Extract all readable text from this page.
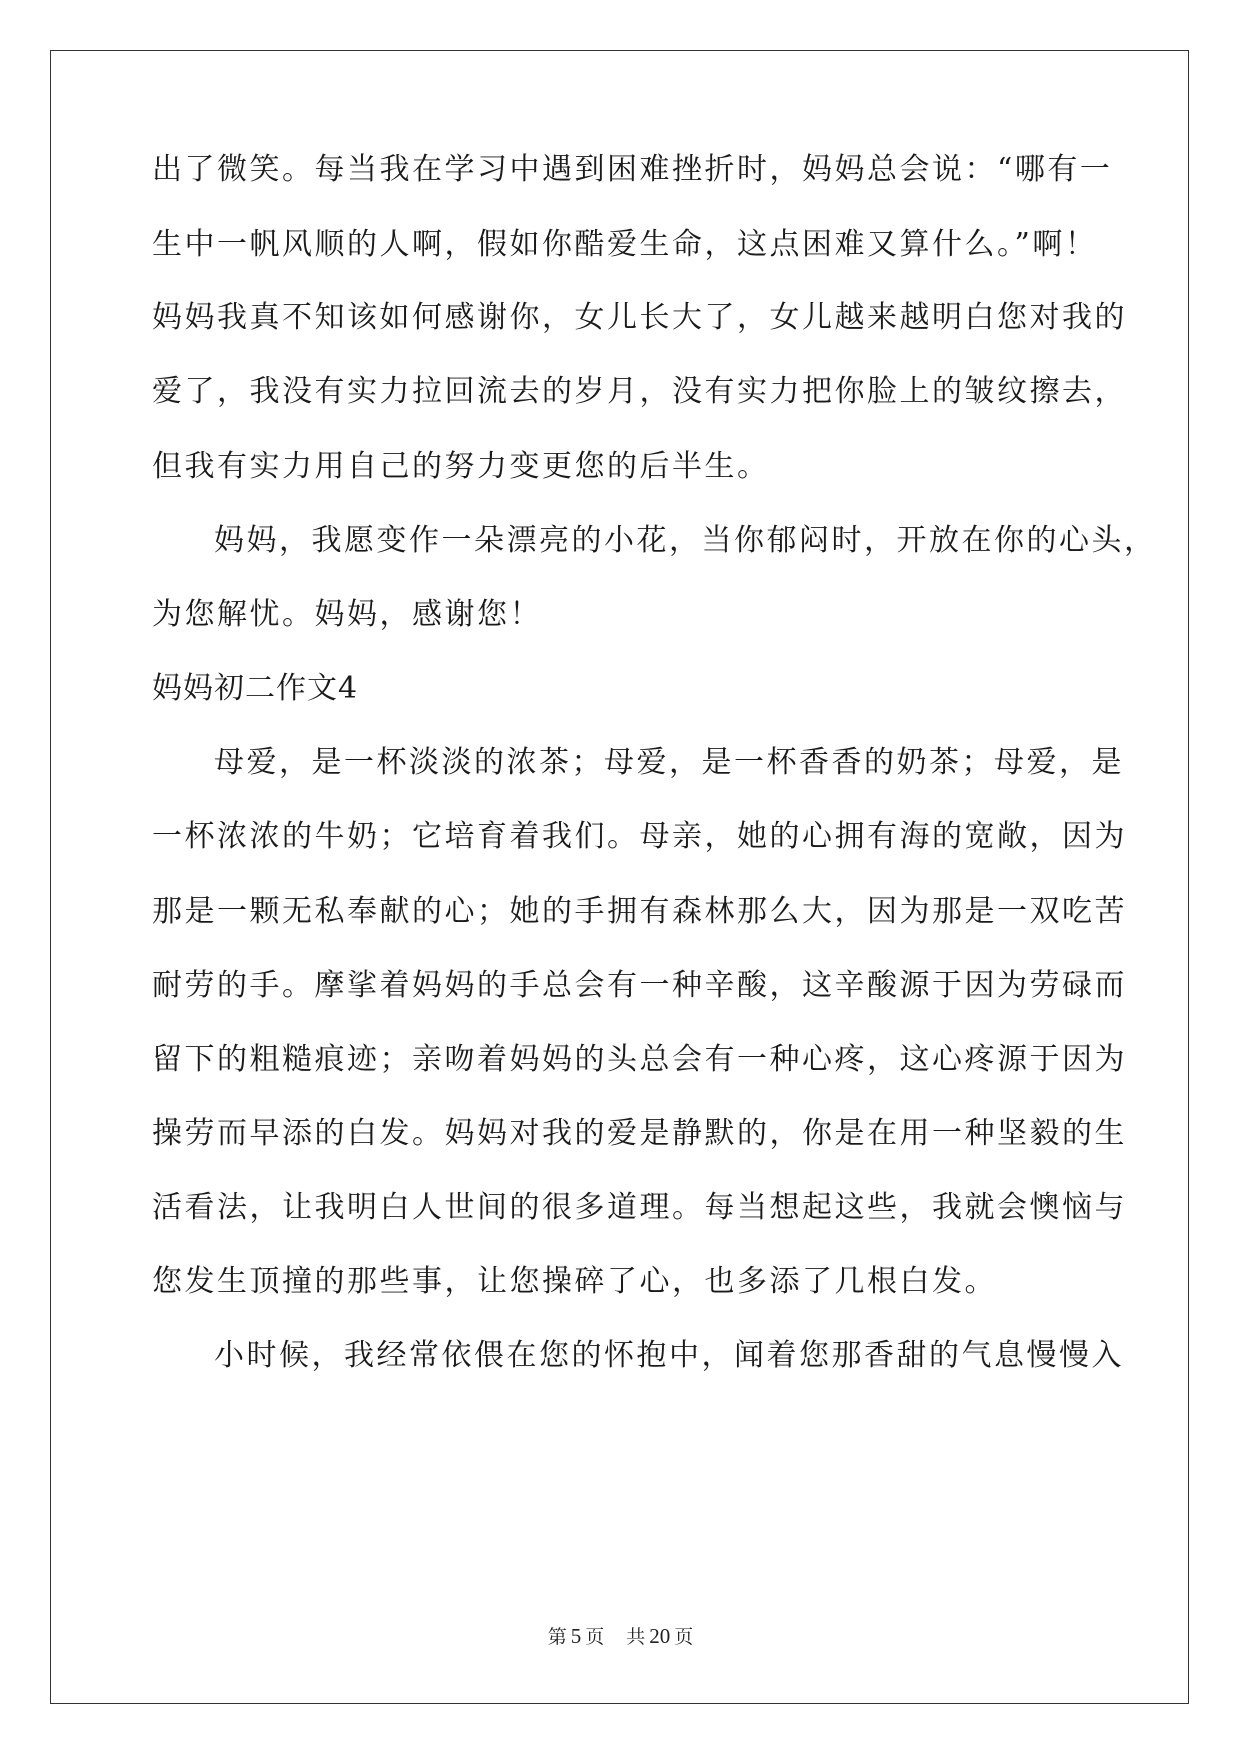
出了微笑。每当我在学习中遇到困难挫折时，妈妈总会说：“哪有一
生中一帆风顺的人啊，假如你酷爱生命，这点困难又算什么。”啊！
妈妈我真不知该如何感谢你，女儿长大了，女儿越来越明白您对我的
爱了，我没有实力拉回流去的岁月，没有实力把你脸上的皱纹擦去，
但我有实力用自己的努力变更您的后半生。
妈妈，我愿变作一朵漂亮的小花，当你郁闷时，开放在你的心头，
为您解忧。妈妈，感谢您！
妈妈初二作文4
母爱，是一杯淡淡的浓茶；母爱，是一杯香香的奶茶；母爱，是
一杯浓浓的牛奶；它培育着我们。母亲，她的心拥有海的宽敞，因为
那是一颗无私奉献的心；她的手拥有森林那么大，因为那是一双吃苦
耐劳的手。摩挲着妈妈的手总会有一种辛酸，这辛酸源于因为劳碌而
留下的粗糙痕迹；亲吻着妈妈的头总会有一种心疼，这心疼源于因为
操劳而早添的白发。妈妈对我的爱是静默的，你是在用一种坚毅的生
活看法，让我明白人世间的很多道理。每当想起这些，我就会懊恼与
您发生顶撞的那些事，让您操碎了心，也多添了几根白发。
小时候，我经常依偎在您的怀抱中，闻着您那香甜的气息慢慢入
第 5 页 共 20 页
